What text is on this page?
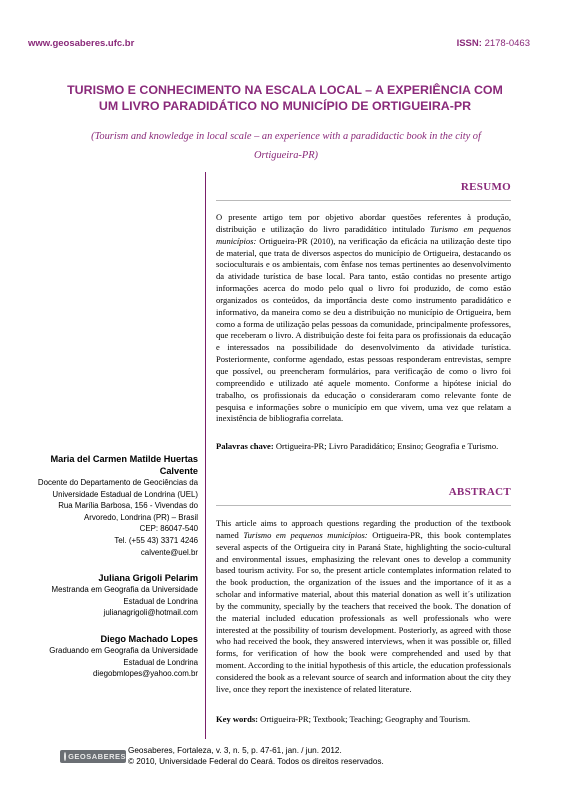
www.geosaberes.ufc.br	ISSN: 2178-0463
TURISMO E CONHECIMENTO NA ESCALA LOCAL – A EXPERIÊNCIA COM
UM LIVRO PARADIDÁTICO NO MUNICÍPIO DE ORTIGUEIRA-PR
(Tourism and knowledge in local scale – an experience with a paradidactic book in the city of
Ortigueira-PR)
RESUMO
O presente artigo tem por objetivo abordar questões referentes à produção, distribuição e utilização do livro paradidático intitulado Turismo em pequenos municípios: Ortigueira-PR (2010), na verificação da eficácia na utilização deste tipo de material, que trata de diversos aspectos do município de Ortigueira, destacando os socioculturais e os ambientais, com ênfase nos temas pertinentes ao desenvolvimento da atividade turística de base local. Para tanto, estão contidas no presente artigo informações acerca do modo pelo qual o livro foi produzido, de como estão organizados os conteúdos, da importância deste como instrumento paradidático e informativo, da maneira como se deu a distribuição no município de Ortigueira, bem como a forma de utilização pelas pessoas da comunidade, principalmente professores, que receberam o livro. A distribuição deste foi feita para os profissionais da educação e interessados na possibilidade do desenvolvimento da atividade turística. Posteriormente, conforme agendado, estas pessoas responderam entrevistas, sempre que possível, ou preencheram formulários, para verificação de como o livro foi compreendido e utilizado até aquele momento. Conforme a hipótese inicial do trabalho, os profissionais da educação o consideraram como relevante fonte de pesquisa e informações sobre o município em que vivem, uma vez que relatam a inexistência de bibliografia correlata.
Palavras chave: Ortigueira-PR; Livro Paradidático; Ensino; Geografia e Turismo.
ABSTRACT
This article aims to approach questions regarding the production of the textbook named Turismo em pequenos municípios: Ortigueira-PR, this book contemplates several aspects of the Ortigueira city in Paraná State, highlighting the socio-cultural and environmental issues, emphasizing the relevant ones to develop a community based tourism activity. For so, the present article contemplates information related to the book production, the organization of the issues and the importance of it as a scholar and informative material, about this material donation as well it´s utilization by the community, specially by the teachers that received the book. The donation of the material included education professionals as well professionals who were interested at the possibility of tourism development. Posteriorly, as agreed with those who had received the book, they answered interviews, when it was possible or, filled forms, for verification of how the book were comprehended and used by that moment. According to the initial hypothesis of this article, the education professionals considered the book as a relevant source of search and information about the city they live, once they report the inexistence of related literature.
Key words: Ortigueira-PR; Textbook; Teaching; Geography and Tourism.
Maria del Carmen Matilde Huertas
Calvente
Docente do Departamento de Geociências da
Universidade Estadual de Londrina (UEL)
Rua Marília Barbosa, 156 - Vivendas do
Arvoredo, Londrina (PR) – Brasil
CEP: 86047-540
Tel. (+55 43) 3371 4246
calvente@uel.br
Juliana Grigoli Pelarim
Mestranda em Geografia da Universidade
Estadual de Londrina
julianagrigoli@hotmail.com
Diego Machado Lopes
Graduando em Geografia da Universidade
Estadual de Londrina
diegobmlopes@yahoo.com.br
GEOSABERES
Geosaberes, Fortaleza, v. 3, n. 5, p. 47-61, jan. / jun. 2012.
© 2010, Universidade Federal do Ceará. Todos os direitos reservados.
